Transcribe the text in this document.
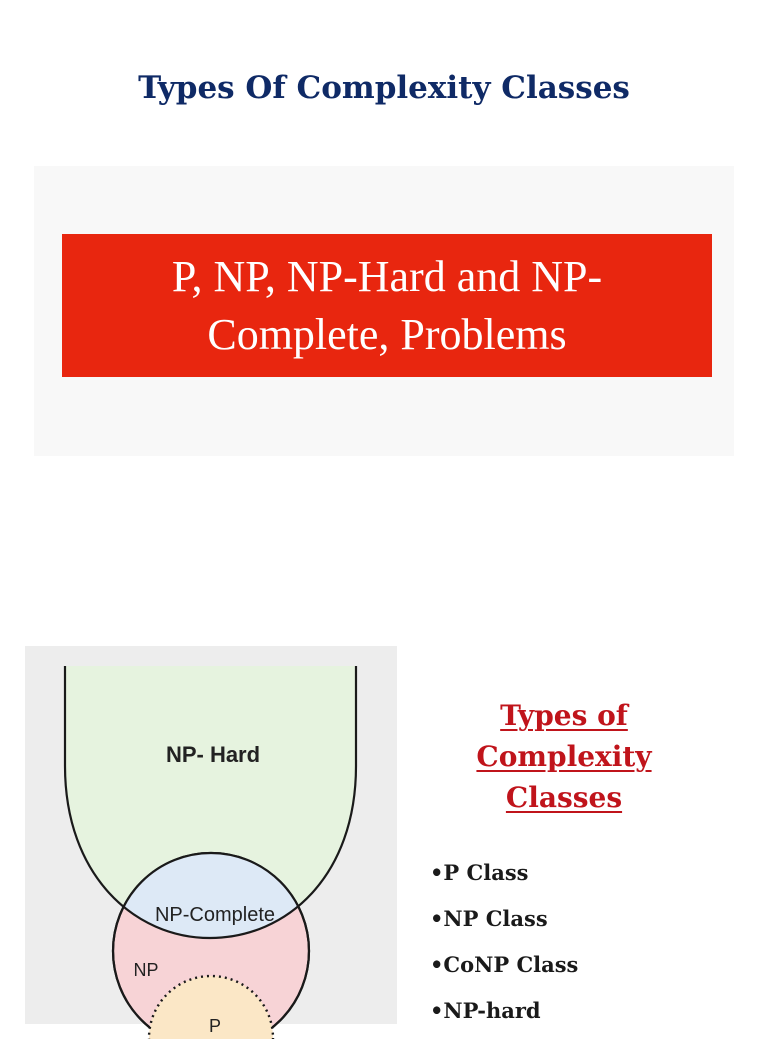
Types Of Complexity Classes
P, NP, NP-Hard and NP-
Complete, Problems
NP- Hard
NP-Complete
NP
P
Types of
Complexity
Classes
•P Class
•NP Class
•CoNP Class
•NP-hard
